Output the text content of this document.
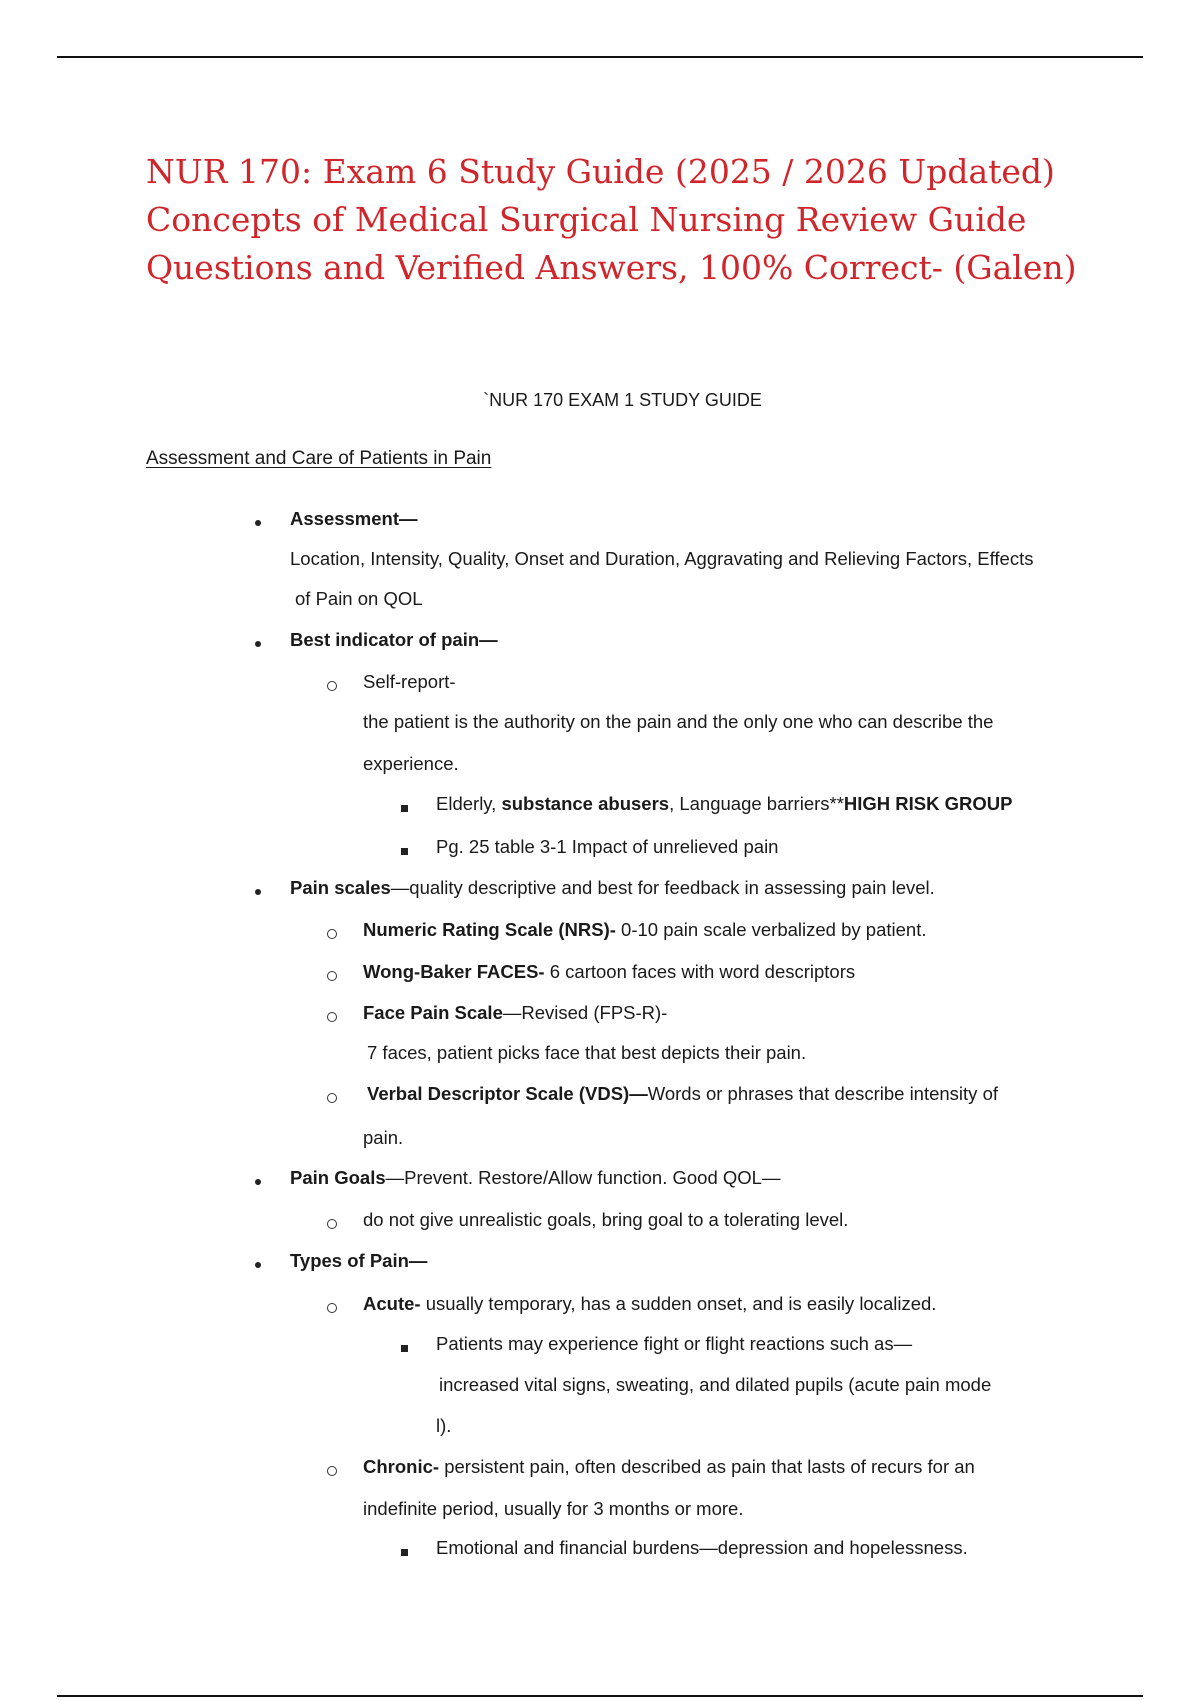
NUR 170: Exam 6 Study Guide (2025 / 2026 Updated)
Concepts of Medical Surgical Nursing Review Guide
Questions and Verified Answers, 100% Correct- (Galen)
`NUR 170 EXAM 1 STUDY GUIDE
Assessment and Care of Patients in Pain
Assessment—
Location, Intensity, Quality, Onset and Duration, Aggravating and Relieving Factors, Effects
of Pain on QOL
Best indicator of pain—
Self-report-
the patient is the authority on the pain and the only one who can describe the
experience.
Elderly, substance abusers, Language barriers**HIGH RISK GROUP
Pg. 25 table 3-1 Impact of unrelieved pain
Pain scales—quality descriptive and best for feedback in assessing pain level.
Numeric Rating Scale (NRS)- 0-10 pain scale verbalized by patient.
Wong-Baker FACES- 6 cartoon faces with word descriptors
Face Pain Scale—Revised (FPS-R)-
7 faces, patient picks face that best depicts their pain.
Verbal Descriptor Scale (VDS)—Words or phrases that describe intensity of
pain.
Pain Goals—Prevent. Restore/Allow function. Good QOL—
do not give unrealistic goals, bring goal to a tolerating level.
Types of Pain—
Acute- usually temporary, has a sudden onset, and is easily localized.
Patients may experience fight or flight reactions such as—
increased vital signs, sweating, and dilated pupils (acute pain mode
l).
Chronic- persistent pain, often described as pain that lasts of recurs for an
indefinite period, usually for 3 months or more.
Emotional and financial burdens—depression and hopelessness.
